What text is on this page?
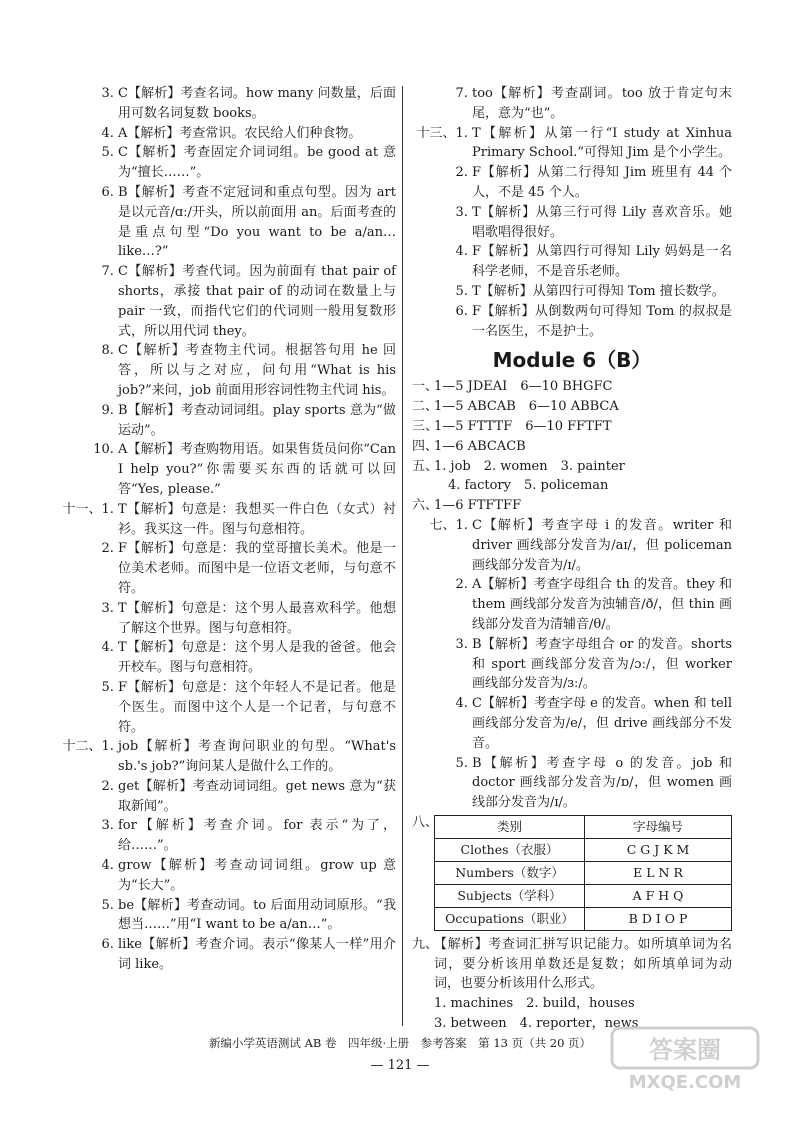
3. C【解析】考查名词。how many 问数量，后面用可数名词复数 books。
4. A【解析】考查常识。农民给人们种食物。
5. C【解析】考查固定介词词组。be good at 意为“擅长……”。
6. B【解析】考查不定冠词和重点句型。因为 art 是以元音/ɑː/开头，所以前面用 an。后面考查的是重点句型“Do you want to be a/an…like…?”
7. C【解析】考查代词。因为前面有 that pair of shorts，承接 that pair of 的动词在数量上与 pair 一致，而指代它们的代词则一般用复数形式，所以用代词 they。
8. C【解析】考查物主代词。根据答句用 he 回答，所以与之对应，问句用“What is his job?”来问，job 前面用形容词性物主代词 his。
9. B【解析】考查动词词组。play sports 意为“做运动”。
10. A【解析】考查购物用语。如果售货员问你“Can I help you?”你需要买东西的话就可以回答“Yes, please.”
十一、1. T【解析】句意是：我想买一件白色（女式）衬衫。我买这一件。图与句意相符。
2. F【解析】句意是：我的堂哥擅长美术。他是一位美术老师。而图中是一位语文老师，与句意不符。
3. T【解析】句意是：这个男人最喜欢科学。他想了解这个世界。图与句意相符。
4. T【解析】句意是：这个男人是我的爸爸。他会开校车。图与句意相符。
5. F【解析】句意是：这个年轻人不是记者。他是个医生。而图中这个人是一个记者，与句意不符。
十二、1. job【解析】考查询问职业的句型。“What's sb.'s job?”询问某人是做什么工作的。
2. get【解析】考查动词词组。get news 意为“获取新闻”。
3. for【解析】考查介词。for 表示“为了，给……”。
4. grow【解析】考查动词词组。grow up 意为“长大”。
5. be【解析】考查动词。to 后面用动词原形。“我想当……”用“I want to be a/an…”。
6. like【解析】考查介词。表示“像某人一样”用介词 like。
7. too【解析】考查副词。too 放于肯定句末尾，意为“也”。
十三、1. T【解析】从第一行“I study at Xinhua Primary School.”可得知 Jim 是个小学生。
2. F【解析】从第二行得知 Jim 班里有 44 个人，不是 45 个人。
3. T【解析】从第三行可得 Lily 喜欢音乐。她唱歌唱得很好。
4. F【解析】从第四行可得知 Lily 妈妈是一名科学老师，不是音乐老师。
5. T【解析】从第四行可得知 Tom 擅长数学。
6. F【解析】从倒数两句可得知 Tom 的叔叔是一名医生，不是护士。
Module 6（B）
一、
1—5 JDEAI　6—10 BHGFC
二、
1—5 ABCAB　6—10 ABBCA
三、
1—5 FTTTF　6—10 FFTFT
四、
1—6 ABCACB
五、
1. job　2. women　3. painter
4. factory　5. policeman
六、
1—6 FTFTFF
七、1. C【解析】考查字母 i 的发音。writer 和 driver 画线部分发音为/aɪ/，但 policeman 画线部分发音为/ɪ/。
2. A【解析】考查字母组合 th 的发音。they 和 them 画线部分发音为浊辅音/ð/，但 thin 画线部分发音为清辅音/θ/。
3. B【解析】考查字母组合 or 的发音。shorts 和 sport 画线部分发音为/ɔː/，但 worker 画线部分发音为/ɜː/。
4. C【解析】考查字母 e 的发音。when 和 tell 画线部分发音为/e/，但 drive 画线部分不发音。
5. B【解析】考查字母 o 的发音。job 和 doctor 画线部分发音为/ɒ/，但 women 画线部分发音为/ɪ/。
八、	类别	字母编号
Clothes（衣服）	C G J K M
Numbers（数字）	E L N R
Subjects（学科）	A F H Q
Occupations（职业）	B D I O P
九、
【解析】考查词汇拼写识记能力。如所填单词为名词，要分析该用单数还是复数；如所填单词为动词，也要分析该用什么形式。
1. machines　2. build，houses
3. between　4. reporter，news
新编小学英语测试 AB 卷　四年级·上册　参考答案　第 13 页（共 20 页）
— 121 —
答案圈
MXQE.COM
